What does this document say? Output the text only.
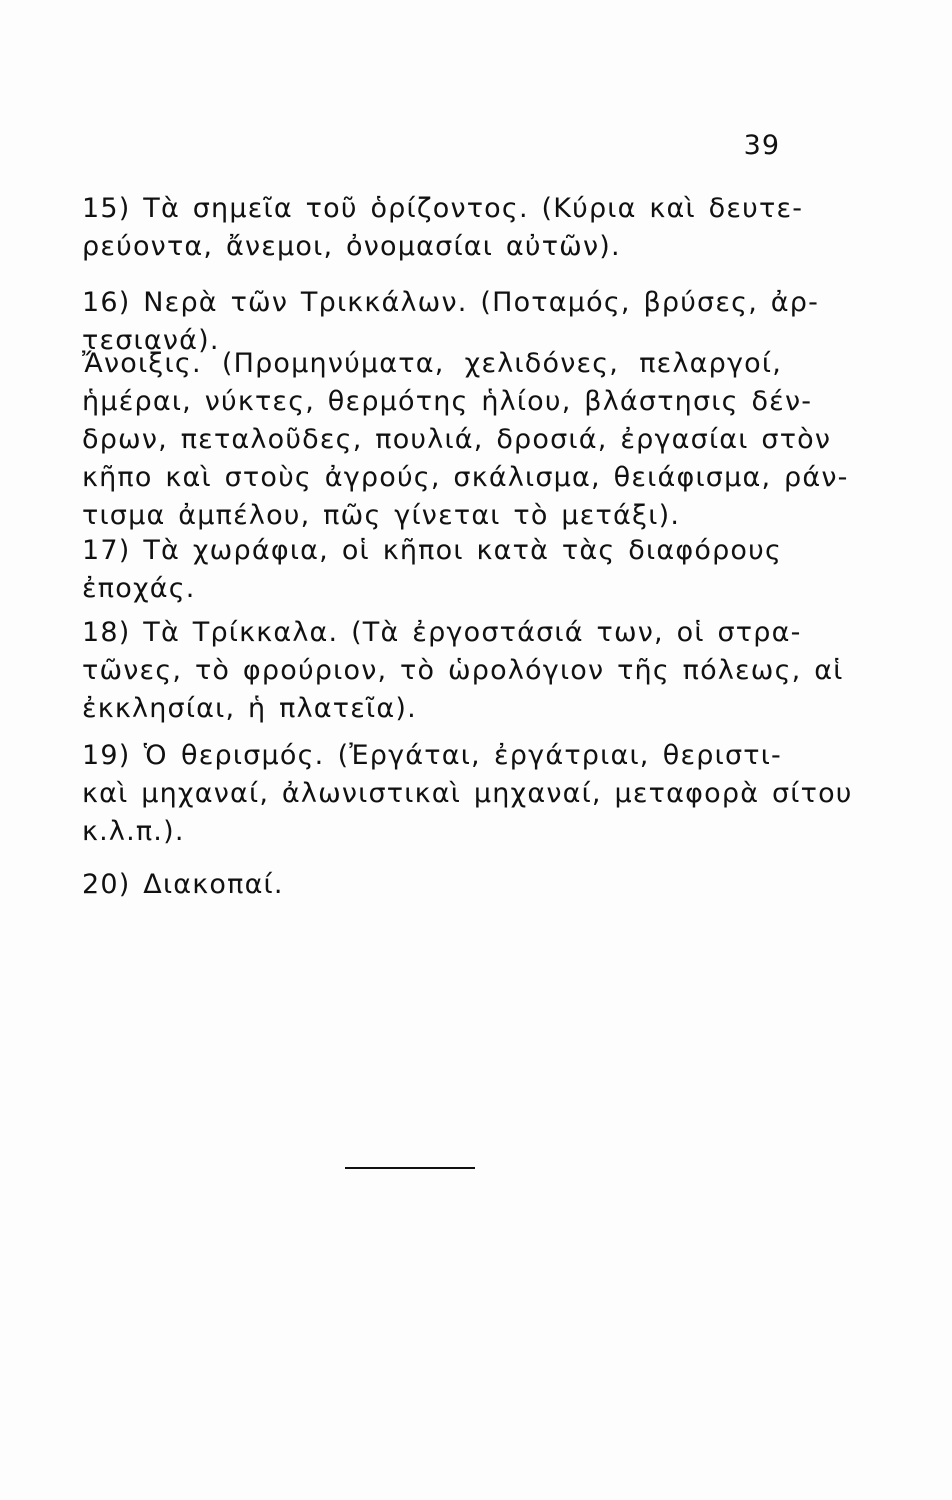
39
15) Τὰ σημεῖα τοῦ ὁρίζοντος. (Κύρια καὶ δευτε-
ρεύοντα, ἄνεμοι, ὀνομασίαι αὐτῶν).
16) Νερὰ τῶν Τρικκάλων. (Ποταμός, βρύσες, ἀρ-
τεσιανά).
Ἄνοιξις. (Προμηνύματα, χελιδόνες, πελαργοί,
ἡμέραι, νύκτες, θερμότης ἡλίου, βλάστησις δέν-
δρων, πεταλοῦδες, πουλιά, δροσιά, ἐργασίαι στὸν
κῆπο καὶ στοὺς ἀγρούς, σκάλισμα, θειάφισμα, ράν-
τισμα ἀμπέλου, πῶς γίνεται τὸ μετάξι).
17) Τὰ χωράφια, οἱ κῆποι κατὰ τὰς διαφόρους
ἐποχάς.
18) Τὰ Τρίκκαλα. (Τὰ ἐργοστάσιά των, οἱ στρα-
τῶνες, τὸ φρούριον, τὸ ὡρολόγιον τῆς πόλεως, αἱ
ἐκκλησίαι, ἡ πλατεῖα).
19) Ὁ θερισμός. (Ἐργάται, ἐργάτριαι, θεριστι-
καὶ μηχαναί, ἀλωνιστικαὶ μηχαναί, μεταφορὰ σίτου
κ.λ.π.).
20) Διακοπαί.
